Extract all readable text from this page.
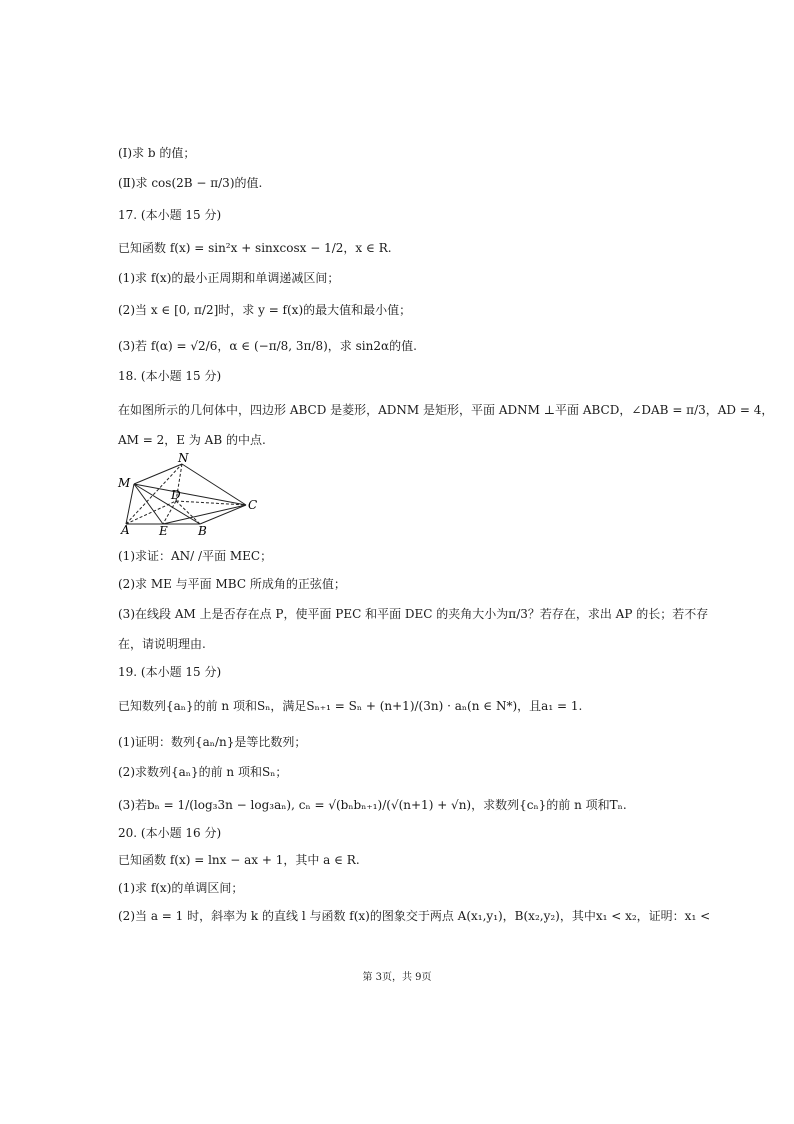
(Ⅰ)求 b 的值；
(Ⅱ)求 cos(2B − π/3)的值.
17. (本小题 15 分)
已知函数 f(x) = sin²x + sinxcosx − 1/2，x ∈ R.
(1)求 f(x)的最小正周期和单调递减区间；
(2)当 x ∈ [0, π/2]时，求 y = f(x)的最大值和最小值；
(3)若 f(α) = √2/6，α ∈ (−π/8, 3π/8)，求 sin2α的值.
18. (本小题 15 分)
在如图所示的几何体中，四边形 ABCD 是菱形，ADNM 是矩形，平面 ADNM ⊥平面 ABCD，∠DAB = π/3，AD = 4，
AM = 2，E 为 AB 的中点.
M
N
D
C
A E	B
(1)求证：AN/ /平面 MEC；
(2)求 ME 与平面 MBC 所成角的正弦值；
(3)在线段 AM 上是否存在点 P，使平面 PEC 和平面 DEC 的夹角大小为π/3？若存在，求出 AP 的长；若不存
在，请说明理由.
19. (本小题 15 分)
已知数列{aₙ}的前 n 项和Sₙ，满足Sₙ₊₁ = Sₙ + (n+1)/(3n) · aₙ(n ∈ N*)，且a₁ = 1.
(1)证明：数列{aₙ/n}是等比数列；
(2)求数列{aₙ}的前 n 项和Sₙ；
(3)若bₙ = 1/(log₃3n − log₃aₙ), cₙ = √(bₙbₙ₊₁)/(√(n+1) + √n)，求数列{cₙ}的前 n 项和Tₙ.
20. (本小题 16 分)
已知函数 f(x) = lnx − ax + 1，其中 a ∈ R.
(1)求 f(x)的单调区间；
(2)当 a = 1 时，斜率为 k 的直线 l 与函数 f(x)的图象交于两点 A(x₁,y₁)，B(x₂,y₂)，其中x₁ < x₂，证明：x₁ <
第 3页，共 9页
